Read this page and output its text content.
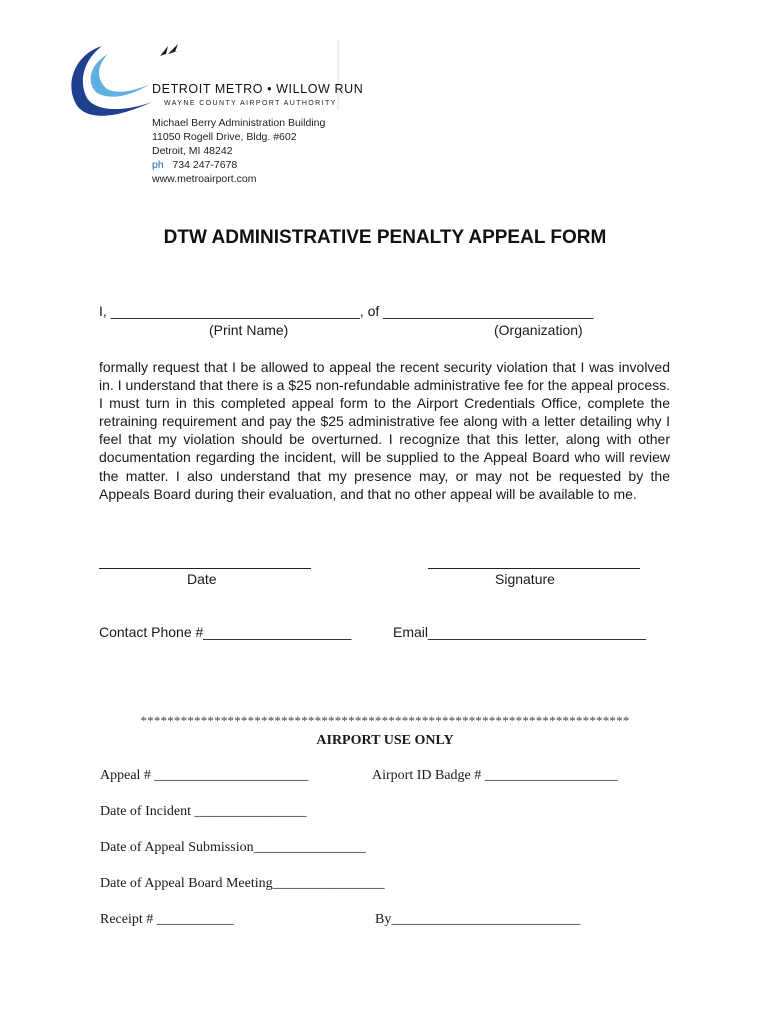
DETROIT METRO • WILLOW RUN
WAYNE COUNTY AIRPORT AUTHORITY
Michael Berry Administration Building
11050 Rogell Drive, Bldg. #602
Detroit, MI 48242
ph 734 247-7678
www.metroairport.com
DTW ADMINISTRATIVE PENALTY APPEAL FORM
I, ________________________________, of ___________________________
(Print Name)	(Organization)
formally request that I be allowed to appeal the recent security violation that I was involved in. I understand that there is a $25 non-refundable administrative fee for the appeal process. I must turn in this completed appeal form to the Airport Credentials Office, complete the retraining requirement and pay the $25 administrative fee along with a letter detailing why I feel that my violation should be overturned. I recognize that this letter, along with other documentation regarding the incident, will be supplied to the Appeal Board who will review the matter. I also understand that my presence may, or may not be requested by the Appeals Board during their evaluation, and that no other appeal will be available to me.
Date	Signature
Contact Phone #___________________	Email____________________________
*************************************************************************
AIRPORT USE ONLY
Appeal # ______________________	Airport ID Badge # ___________________
Date of Incident ________________
Date of Appeal Submission________________
Date of Appeal Board Meeting________________
Receipt # ___________	By___________________________
